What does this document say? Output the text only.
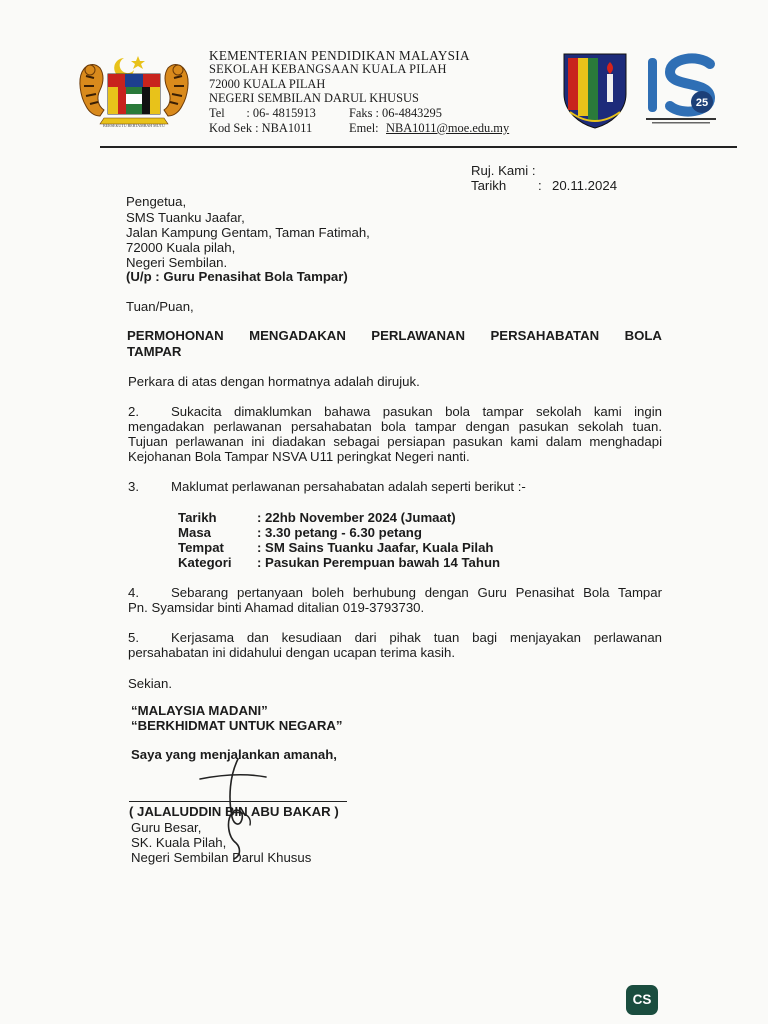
BERSEKUTU BERTAMBAH MUTU
KEMENTERIAN PENDIDIKAN MALAYSIA
SEKOLAH KEBANGSAAN KUALA PILAH
72000 KUALA PILAH
NEGERI SEMBILAN DARUL KHUSUS
Tel       : 06- 4815913	Faks : 06-4843295
Kod Sek : NBA1011	Emel: NBA1011@moe.edu.my
25
Ruj. Kami :
Tarikh : 20.11.2024
Pengetua,
SMS Tuanku Jaafar,
Jalan Kampung Gentam, Taman Fatimah,
72000 Kuala pilah,
Negeri Sembilan.
(U/p : Guru Penasihat Bola Tampar)
Tuan/Puan,
PERMOHONAN MENGADAKAN PERLAWANAN PERSAHABATAN BOLA
TAMPAR
Perkara di atas dengan hormatnya adalah dirujuk.
2. Sukacita dimaklumkan bahawa pasukan bola tampar sekolah kami ingin
mengadakan perlawanan persahabatan bola tampar dengan pasukan sekolah tuan.
Tujuan perlawanan ini diadakan sebagai persiapan pasukan kami dalam menghadapi
Kejohanan Bola Tampar NSVA U11 peringkat Negeri nanti.
3. Maklumat perlawanan persahabatan adalah seperti berikut :-
Tarikh	: 22hb November 2024 (Jumaat)
Masa	: 3.30 petang - 6.30 petang
Tempat	: SM Sains Tuanku Jaafar, Kuala Pilah
Kategori : Pasukan Perempuan bawah 14 Tahun
4. Sebarang pertanyaan boleh berhubung dengan Guru Penasihat Bola Tampar
Pn. Syamsidar binti Ahamad ditalian 019-3793730.
5. Kerjasama dan kesudiaan dari pihak tuan bagi menjayakan perlawanan
persahabatan ini didahului dengan ucapan terima kasih.
Sekian.
“MALAYSIA MADANI”
“BERKHIDMAT UNTUK NEGARA”
Saya yang menjalankan amanah,
( JALALUDDIN BIN ABU BAKAR )
Guru Besar,
SK. Kuala Pilah,
Negeri Sembilan Darul Khusus
CS
